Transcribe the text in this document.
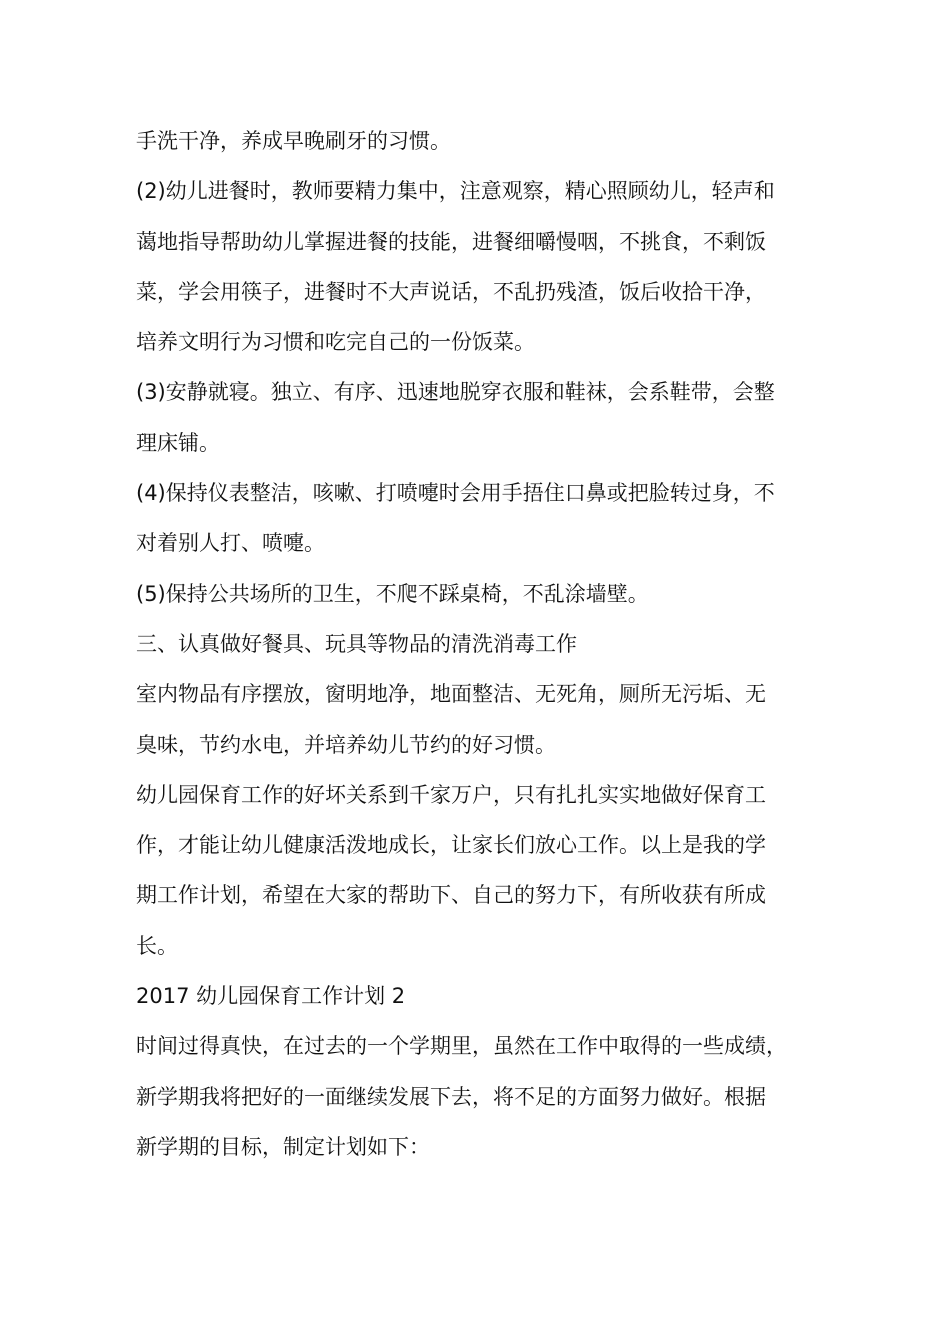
手洗干净，养成早晚刷牙的习惯。
(2)幼儿进餐时，教师要精力集中，注意观察，精心照顾幼儿，轻声和
蔼地指导帮助幼儿掌握进餐的技能，进餐细嚼慢咽，不挑食，不剩饭
菜，学会用筷子，进餐时不大声说话，不乱扔残渣，饭后收拾干净，
培养文明行为习惯和吃完自己的一份饭菜。
(3)安静就寝。独立、有序、迅速地脱穿衣服和鞋袜，会系鞋带，会整
理床铺。
(4)保持仪表整洁，咳嗽、打喷嚏时会用手捂住口鼻或把脸转过身，不
对着别人打、喷嚏。
(5)保持公共场所的卫生，不爬不踩桌椅，不乱涂墙壁。
三、认真做好餐具、玩具等物品的清洗消毒工作
室内物品有序摆放，窗明地净，地面整洁、无死角，厕所无污垢、无
臭味，节约水电，并培养幼儿节约的好习惯。
幼儿园保育工作的好坏关系到千家万户，只有扎扎实实地做好保育工
作，才能让幼儿健康活泼地成长，让家长们放心工作。以上是我的学
期工作计划，希望在大家的帮助下、自己的努力下，有所收获有所成
长。
2017 幼儿园保育工作计划 2
时间过得真快，在过去的一个学期里，虽然在工作中取得的一些成绩，
新学期我将把好的一面继续发展下去，将不足的方面努力做好。根据
新学期的目标，制定计划如下：
